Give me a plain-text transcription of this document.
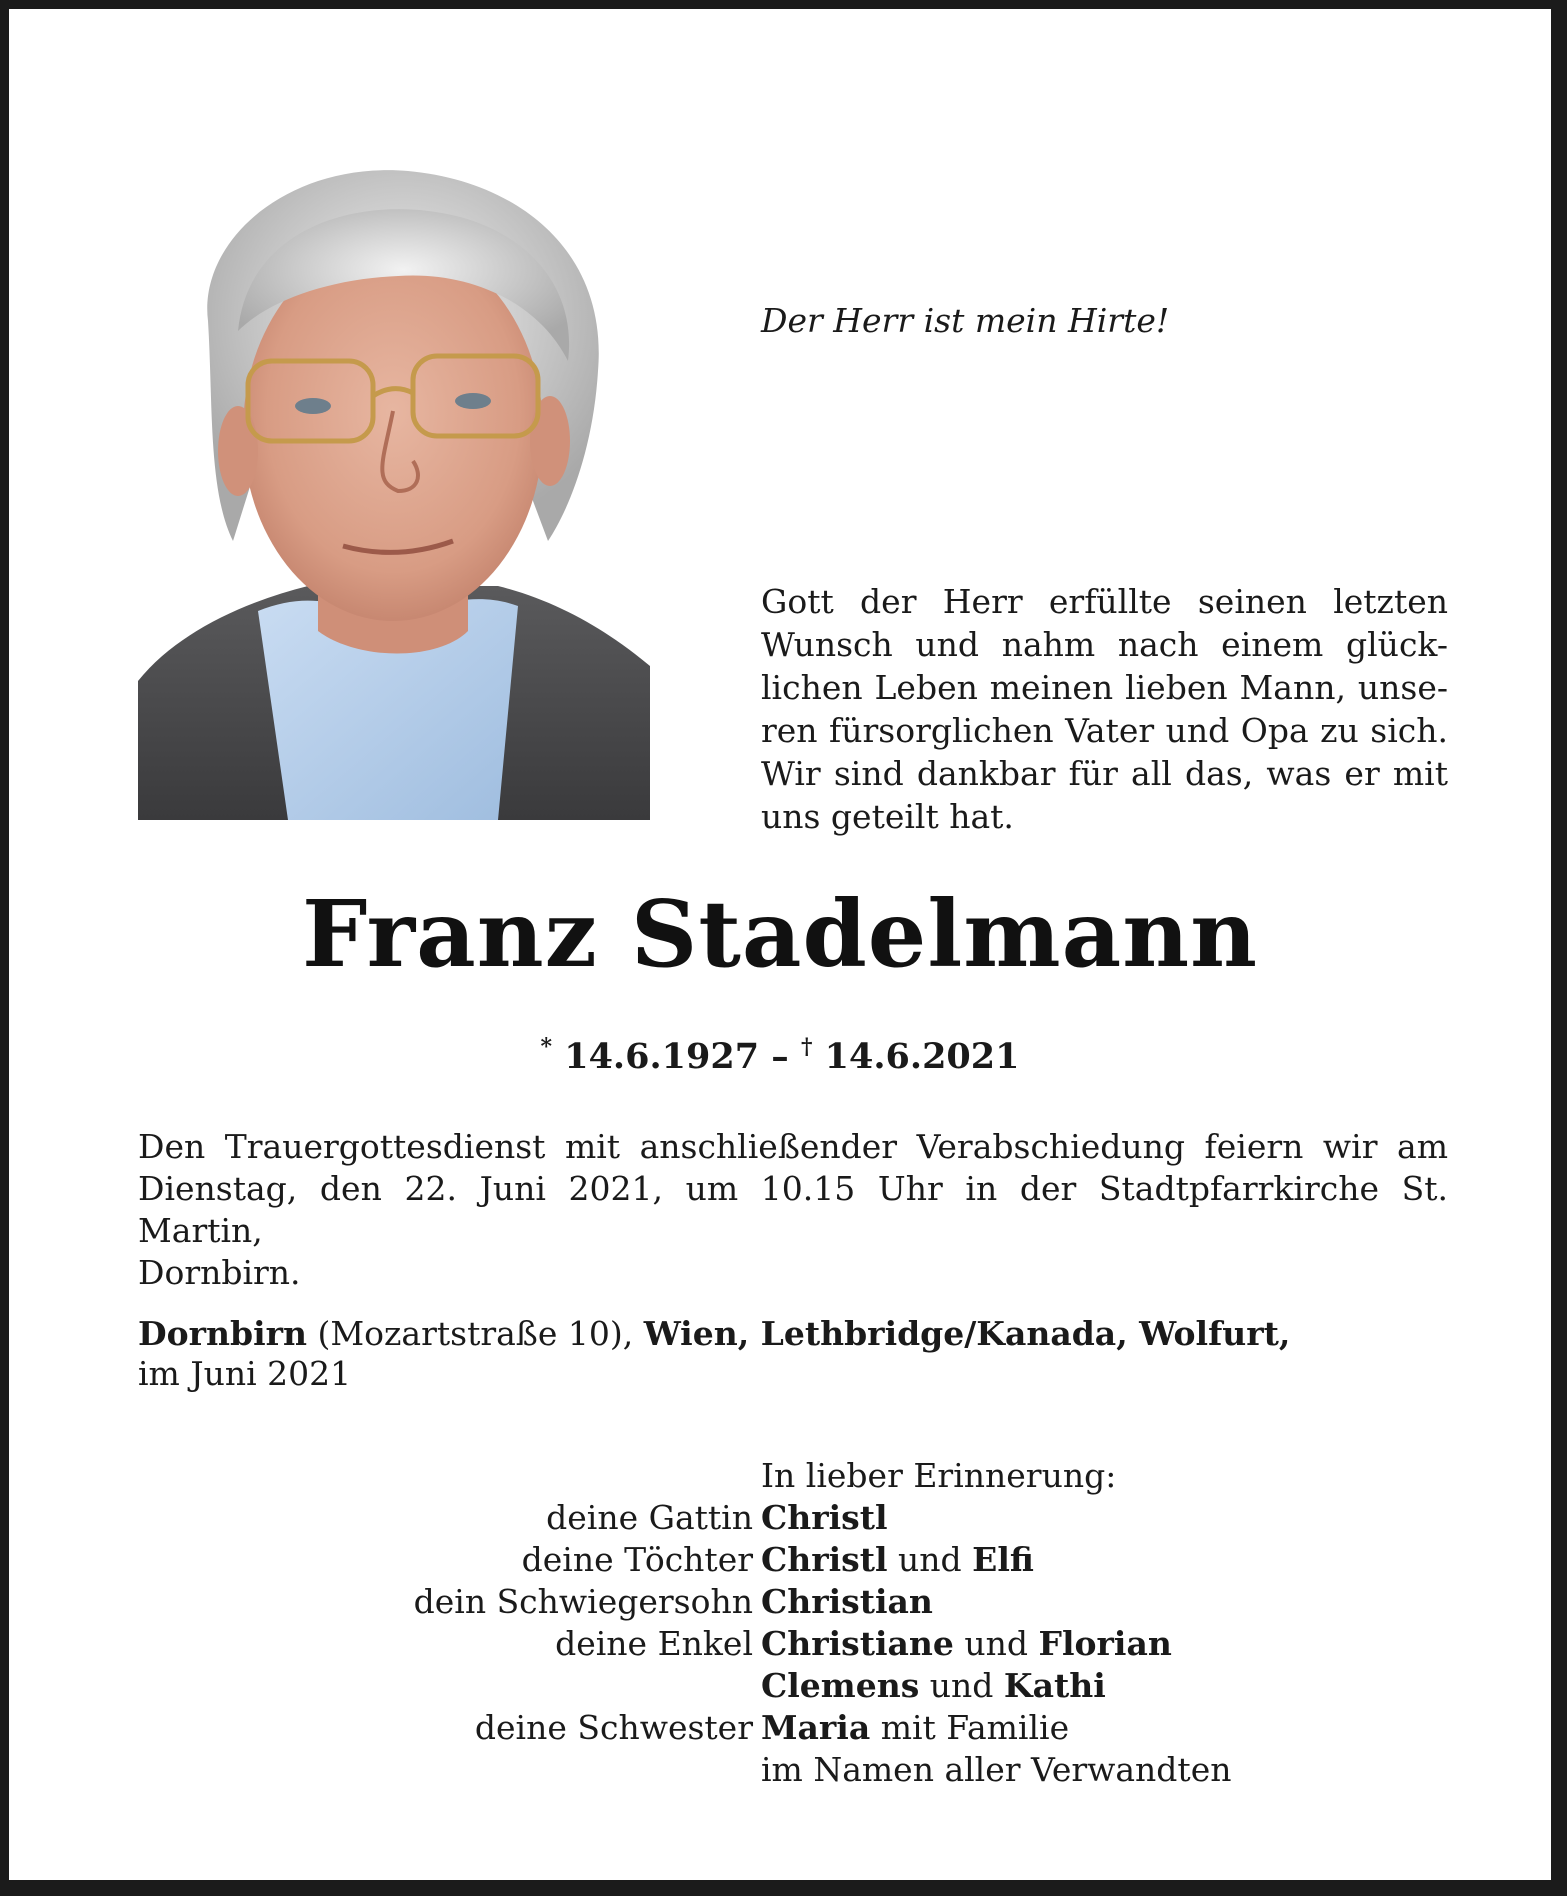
Der Herr ist mein Hirte!

Gott der Herr erfüllte seinen letzten
Wunsch und nahm nach einem glück-
lichen Leben meinen lieben Mann, unse-
ren fürsorglichen Vater und Opa zu sich.
Wir sind dankbar für all das, was er mit
uns geteilt hat.
Franz Stadelmann
* 14.6.1927 – † 14.6.2021
Den Trauergottesdienst mit anschließender Verabschiedung feiern wir am
Dienstag, den 22. Juni 2021, um 10.15 Uhr in der Stadtpfarrkirche St. Martin,
Dornbirn.
Dornbirn (Mozartstraße 10), Wien, Lethbridge/Kanada, Wolfurt,
im Juni 2021

In lieber Erinnerung:

deine Gattin Christl
deine Töchter Christl und Elfi
dein Schwiegersohn Christian
deine Enkel Christiane und Florian
Clemens und Kathi
deine Schwester Maria mit Familie
im Namen aller Verwandten
